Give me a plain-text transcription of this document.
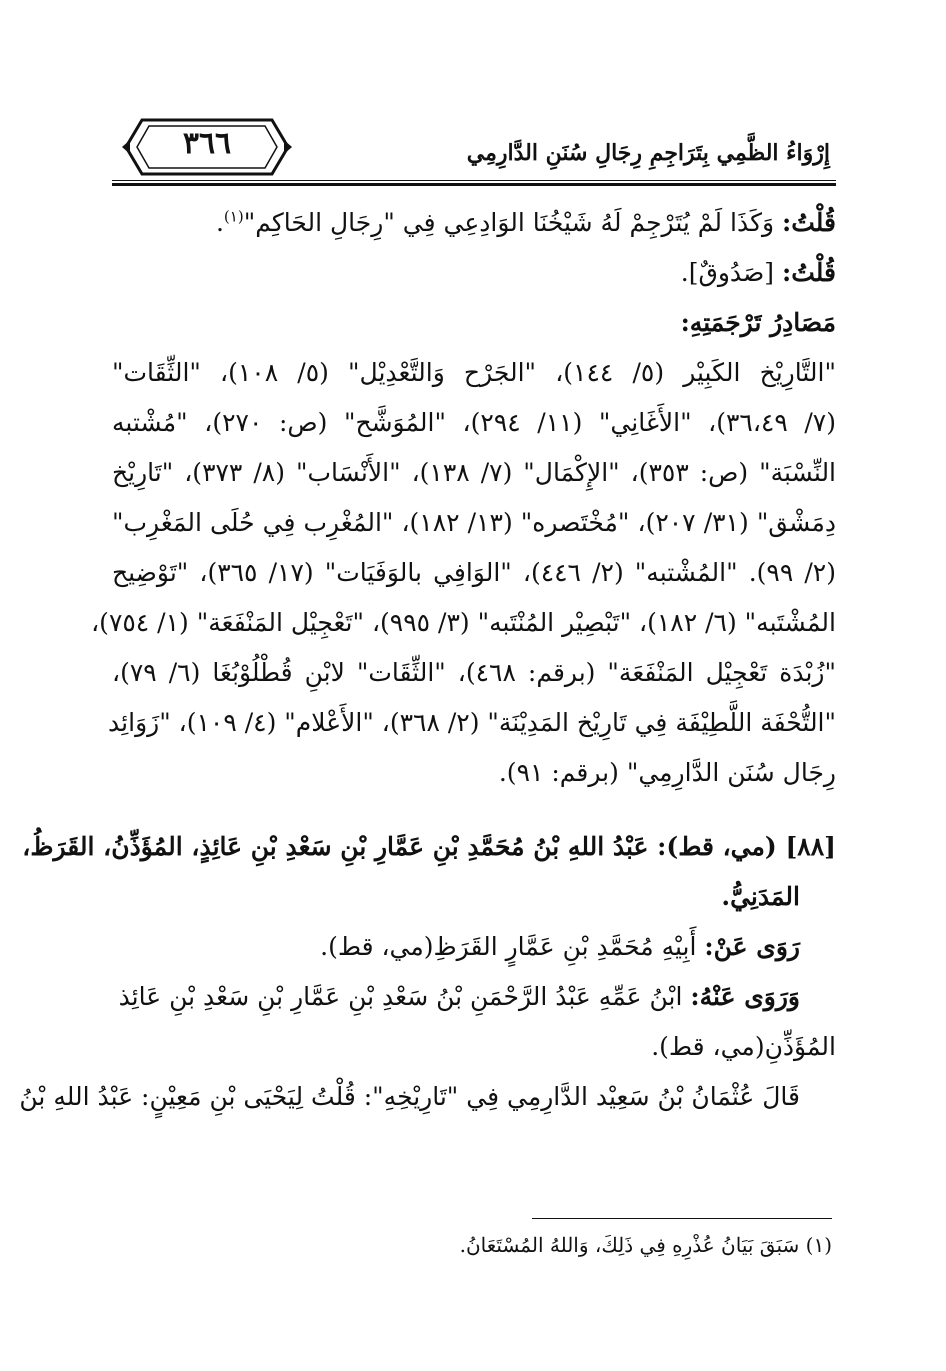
٣٦٦	إِرْوَاءُ الظَّمِي بِتَرَاجِمِ رِجَالِ سُنَنِ الدَّارِمِي
قُلْتُ: وَكَذَا لَمْ يُتَرْجِمْ لَهُ شَيْخُنَا الوَادِعِي فِي "رِجَالِ الحَاكِم"$^{(١)}$.
قُلْتُ: [صَدُوقٌ].
مَصَادِرُ تَرْجَمَتِهِ:
"التَّارِيْخ الكَبِيْر (٥/ ١٤٤)، "الجَرْح وَالتَّعْدِيْل" (٥/ ١٠٨)، "الثِّقَات"
(٧/ ٣٦،٤٩)، "الأَغَانِي" (١١/ ٢٩٤)، "المُوَشَّح" (ص: ٢٧٠)، "مُشْتبه
النِّسْبَة" (ص: ٣٥٣)، "الإِكْمَال" (٧/ ١٣٨)، "الأَنْسَاب" (٨/ ٣٧٣)، "تَارِيْخ
دِمَشْق" (٣١/ ٢٠٧)، "مُخْتَصره" (١٣/ ١٨٢)، "المُغْرِب فِي حُلَى المَغْرِب"
(٢/ ٩٩). "المُشْتبه" (٢/ ٤٤٦)، "الوَافِي بالوَفَيَات" (١٧/ ٣٦٥)، "تَوْضِيح
المُشْتَبه" (٦/ ١٨٢)، "تَبْصِيْر المُنْتَبه" (٣/ ٩٩٥)، "تَعْجِيْل المَنْفَعَة" (١/ ٧٥٤)،
"زُبْدَة تَعْجِيْل المَنْفَعَة" (برقم: ٤٦٨)، "الثِّقَات" لابْنِ قُطْلُوْبُغَا (٦/ ٧٩)،
"التُّحْفَة اللَّطِيْفَة فِي تَارِيْخ المَدِيْنَة" (٢/ ٣٦٨)، "الأَعْلام" (٤/ ١٠٩)، "زَوَائِد
رِجَال سُنَن الدَّارِمِي" (برقم: ٩١).
[٨٨] (مي، قط): عَبْدُ اللهِ بْنُ مُحَمَّدِ بْنِ عَمَّارِ بْنِ سَعْدِ بْنِ عَائِذٍ، المُؤَذِّنُ، القَرَظُ،
المَدَنِيُّ.
رَوَى عَنْ: أَبِيْهِ مُحَمَّدِ بْنِ عَمَّارٍ القَرَظِ(مي، قط).
وَرَوَى عَنْهُ: ابْنُ عَمِّهِ عَبْدُ الرَّحْمَنِ بْنُ سَعْدِ بْنِ عَمَّارِ بْنِ سَعْدِ بْنِ عَائِذ
المُؤَذِّنِ(مي، قط).
قَالَ عُثْمَانُ بْنُ سَعِيْد الدَّارِمِي فِي "تَارِيْخِهِ": قُلْتُ لِيَحْيَى بْنِ مَعِيْنٍ: عَبْدُ اللهِ بْنُ
(١) سَبَقَ بَيَانُ عُذْرِهِ فِي ذَلِكَ، وَاللهُ المُسْتَعَانُ.
